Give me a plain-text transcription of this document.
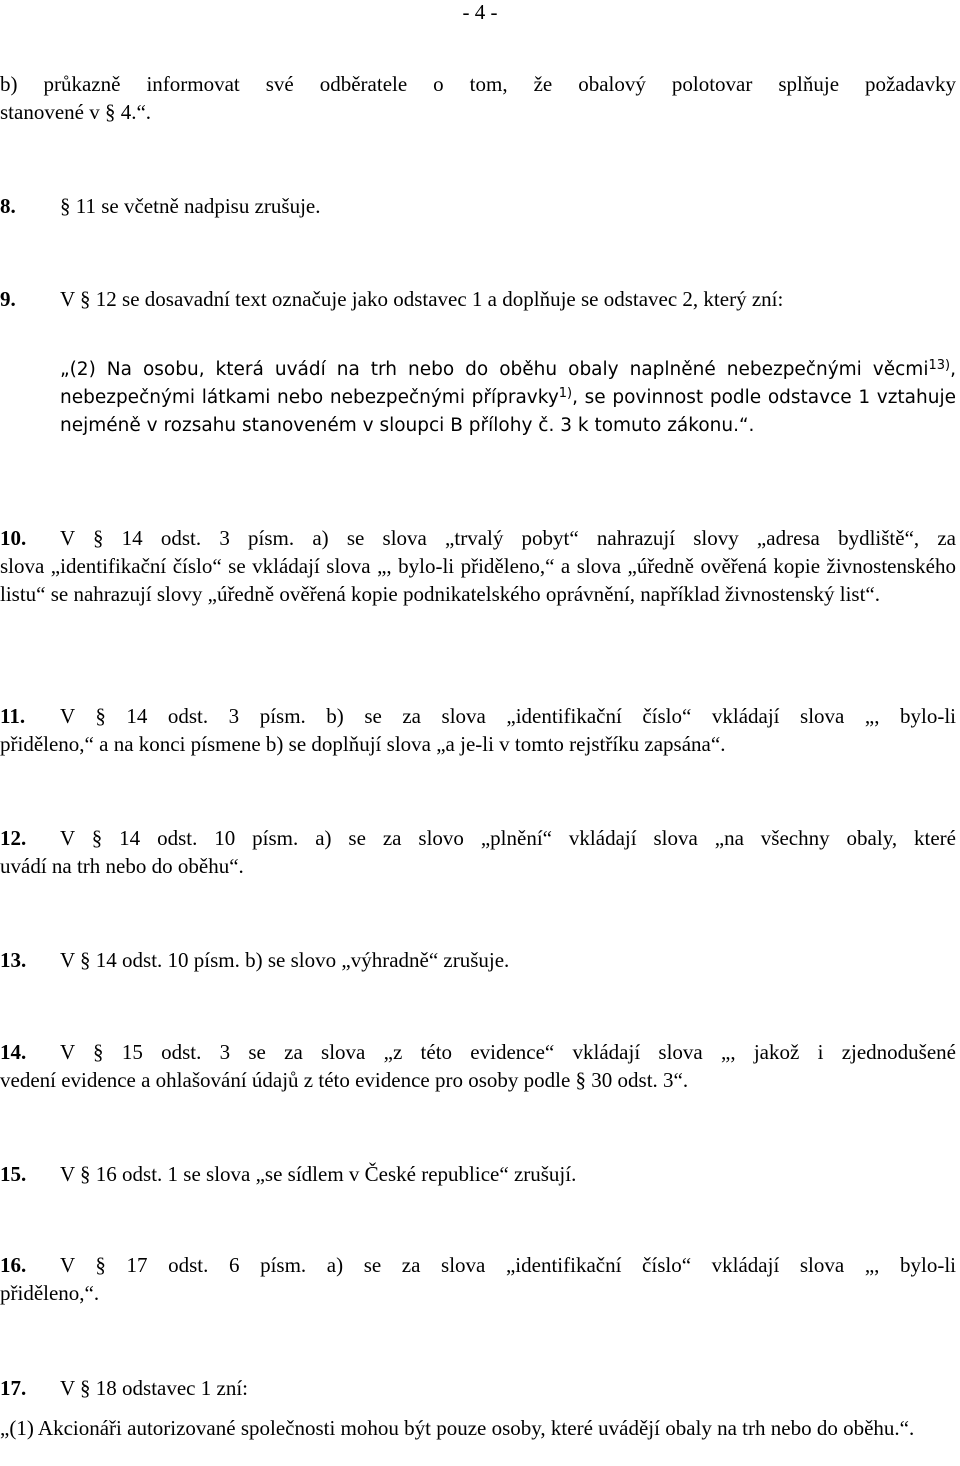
- 4 -
b) průkazně informovat své odběratele o tom, že obalový polotovar splňuje požadavky
stanovené v § 4.“.
8. § 11 se včetně nadpisu zrušuje.
9. V § 12 se dosavadní text označuje jako odstavec 1 a doplňuje se odstavec 2, který zní:
„(2) Na osobu, která uvádí na trh nebo do oběhu obaly naplněné nebezpečnými věcmi$^{13)}$, nebezpečnými látkami nebo nebezpečnými přípravky$^{1)}$, se povinnost podle odstavce 1 vztahuje nejméně v rozsahu stanoveném v sloupci B přílohy č. 3 k tomuto zákonu.“.
10. V § 14 odst. 3 písm. a) se slova „trvalý pobyt“ nahrazují slovy „adresa bydliště“, za
slova „identifikační číslo“ se vkládají slova „, bylo-li přiděleno,“ a slova „úředně ověřená kopie živnostenského listu“ se nahrazují slovy „úředně ověřená kopie podnikatelského oprávnění, například živnostenský list“.
11. V § 14 odst. 3 písm. b) se za slova „identifikační číslo“ vkládají slova „, bylo-li
přiděleno,“ a na konci písmene b) se doplňují slova „a je-li v tomto rejstříku zapsána“.
12. V § 14 odst. 10 písm. a) se za slovo „plnění“ vkládají slova „na všechny obaly, které
uvádí na trh nebo do oběhu“.
13. V § 14 odst. 10 písm. b) se slovo „výhradně“ zrušuje.
14. V § 15 odst. 3 se za slova „z této evidence“ vkládají slova „, jakož i zjednodušené
vedení evidence a ohlašování údajů z této evidence pro osoby podle § 30 odst. 3“.
15. V § 16 odst. 1 se slova „se sídlem v České republice“ zrušují.
16. V § 17 odst. 6 písm. a) se za slova „identifikační číslo“ vkládají slova „, bylo-li
přiděleno,“.
17. V § 18 odstavec 1 zní:
„(1) Akcionáři autorizované společnosti mohou být pouze osoby, které uvádějí obaly na trh nebo do oběhu.“.
